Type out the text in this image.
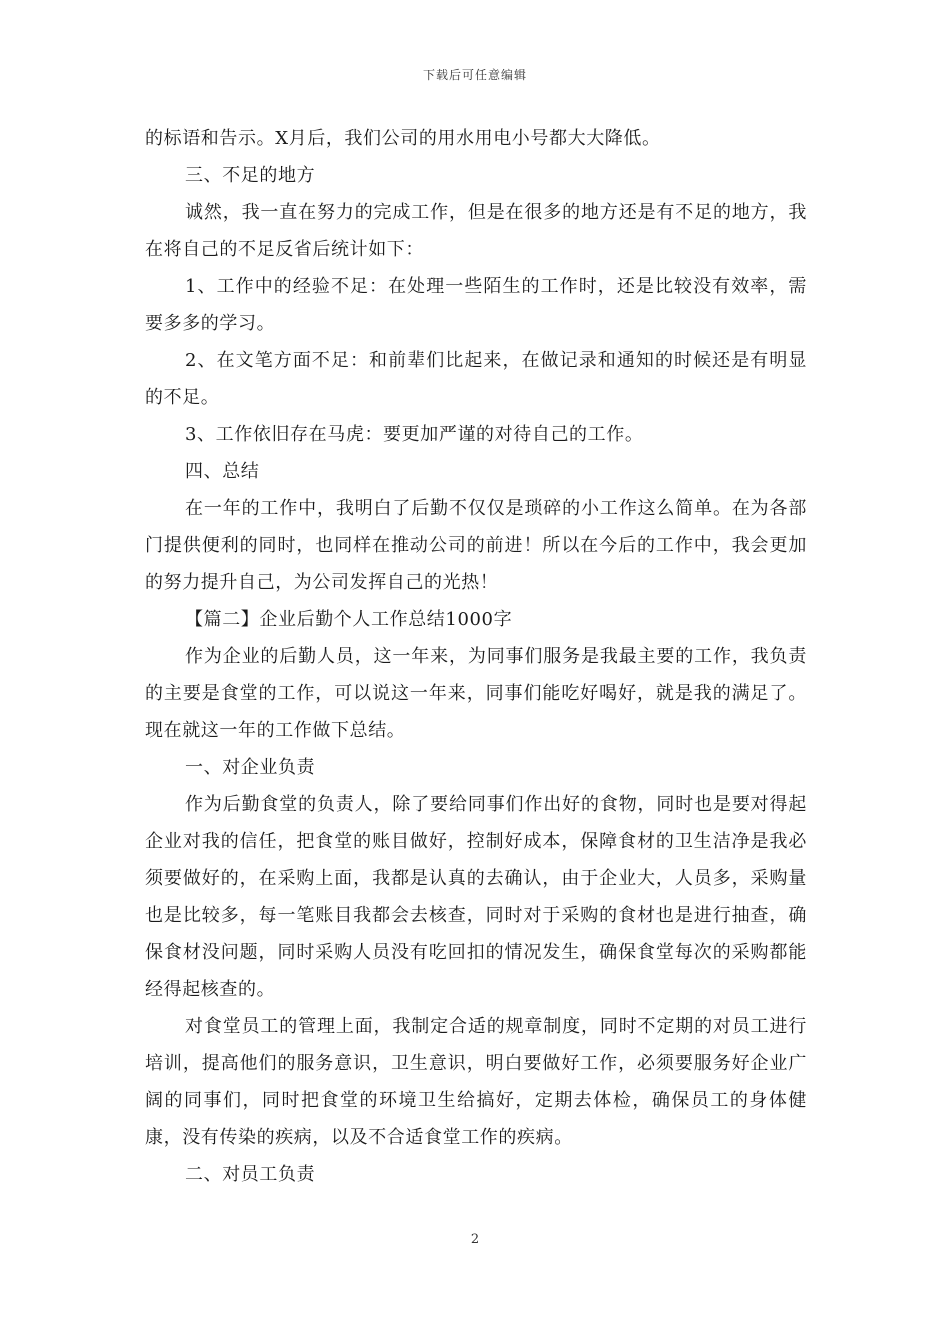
下载后可任意编辑

的标语和告示。X月后，我们公司的用水用电小号都大大降低。

三、不足的地方

诚然，我一直在努力的完成工作，但是在很多的地方还是有不足的地方，我在将自己的不足反省后统计如下：

1、工作中的经验不足：在处理一些陌生的工作时，还是比较没有效率，需要多多的学习。

2、在文笔方面不足：和前辈们比起来，在做记录和通知的时候还是有明显的不足。

3、工作依旧存在马虎：要更加严谨的对待自己的工作。

四、总结

在一年的工作中，我明白了后勤不仅仅是琐碎的小工作这么简单。在为各部门提供便利的同时，也同样在推动公司的前进！所以在今后的工作中，我会更加的努力提升自己，为公司发挥自己的光热！

【篇二】企业后勤个人工作总结1000字

作为企业的后勤人员，这一年来，为同事们服务是我最主要的工作，我负责的主要是食堂的工作，可以说这一年来，同事们能吃好喝好，就是我的满足了。现在就这一年的工作做下总结。

一、对企业负责

作为后勤食堂的负责人，除了要给同事们作出好的食物，同时也是要对得起企业对我的信任，把食堂的账目做好，控制好成本，保障食材的卫生洁净是我必须要做好的，在采购上面，我都是认真的去确认，由于企业大，人员多，采购量也是比较多，每一笔账目我都会去核查，同时对于采购的食材也是进行抽查，确保食材没问题，同时采购人员没有吃回扣的情况发生，确保食堂每次的采购都能经得起核查的。

对食堂员工的管理上面，我制定合适的规章制度，同时不定期的对员工进行培训，提高他们的服务意识，卫生意识，明白要做好工作，必须要服务好企业广阔的同事们，同时把食堂的环境卫生给搞好，定期去体检，确保员工的身体健康，没有传染的疾病，以及不合适食堂工作的疾病。

二、对员工负责

2
